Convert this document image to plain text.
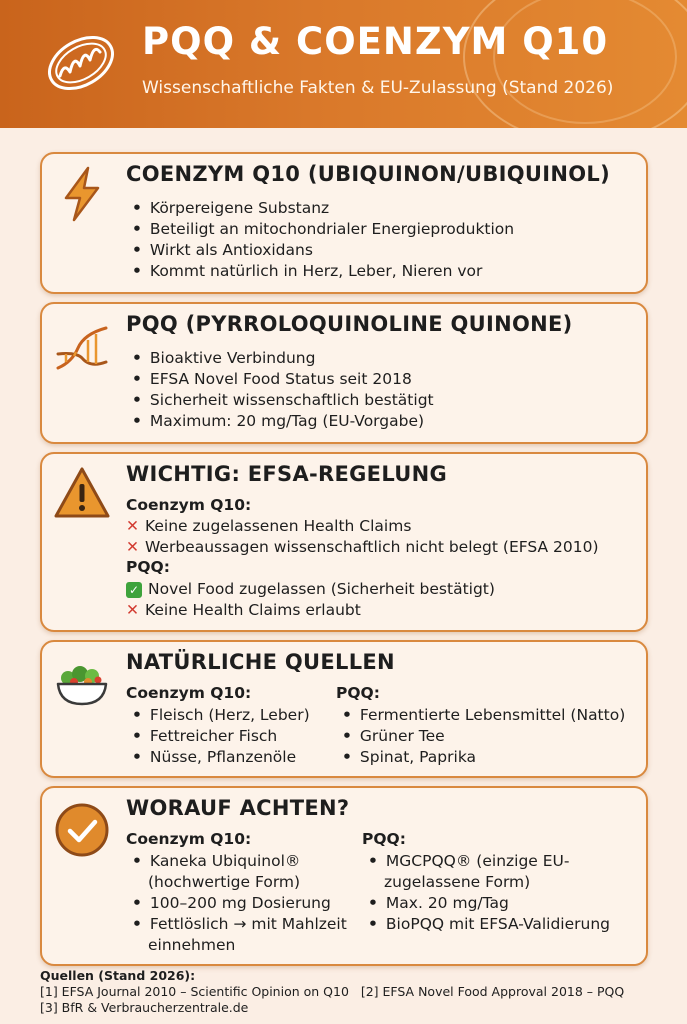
PQQ & COENZYM Q10
Wissenschaftliche Fakten & EU-Zulassung (Stand 2026)
COENZYM Q10 (UBIQUINON/UBIQUINOL)
• Körpereigene Substanz
• Beteiligt an mitochondrialer Energieproduktion
• Wirkt als Antioxidans
• Kommt natürlich in Herz, Leber, Nieren vor
PQQ (PYRROLOQUINOLINE QUINONE)
• Bioaktive Verbindung
• EFSA Novel Food Status seit 2018
• Sicherheit wissenschaftlich bestätigt
• Maximum: 20 mg/Tag (EU-Vorgabe)
WICHTIG: EFSA-REGELUNG
Coenzym Q10:
✕ Keine zugelassenen Health Claims
✕ Werbeaussagen wissenschaftlich nicht belegt (EFSA 2010)
PQQ:
✓ Novel Food zugelassen (Sicherheit bestätigt)
✕ Keine Health Claims erlaubt
NATÜRLICHE QUELLEN
Coenzym Q10:
• Fleisch (Herz, Leber)
• Fettreicher Fisch
• Nüsse, Pflanzenöle
PQQ:
• Fermentierte Lebensmittel (Natto)
• Grüner Tee
• Spinat, Paprika
WORAUF ACHTEN?
Coenzym Q10:
• Kaneka Ubiquinol®
(hochwertige Form)
• 100–200 mg Dosierung
• Fettlöslich → mit Mahlzeit
einnehmen
PQQ:
• MGCPQQ® (einzige EU-
zugelassene Form)
• Max. 20 mg/Tag
• BioPQQ mit EFSA-Validierung
Quellen (Stand 2026):
[1] EFSA Journal 2010 – Scientific Opinion on Q10   [2] EFSA Novel Food Approval 2018 – PQQ
[3] BfR & Verbraucherzentrale.de
